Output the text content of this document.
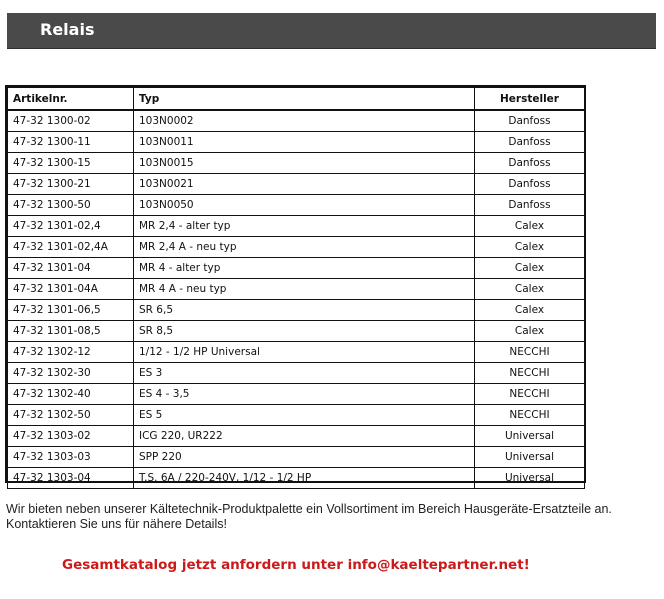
Relais
Artikelnr.	Typ	Hersteller
47-32 1300-02	103N0002	Danfoss
47-32 1300-11	103N0011	Danfoss
47-32 1300-15	103N0015	Danfoss
47-32 1300-21	103N0021	Danfoss
47-32 1300-50	103N0050	Danfoss
47-32 1301-02,4	MR 2,4 - alter typ	Calex
47-32 1301-02,4A	MR 2,4 A - neu typ	Calex
47-32 1301-04	MR 4 - alter typ	Calex
47-32 1301-04A	MR 4 A - neu typ	Calex
47-32 1301-06,5	SR 6,5	Calex
47-32 1301-08,5	SR 8,5	Calex
47-32 1302-12	1/12 - 1/2 HP Universal	NECCHI
47-32 1302-30	ES 3	NECCHI
47-32 1302-40	ES 4 - 3,5	NECCHI
47-32 1302-50	ES 5	NECCHI
47-32 1303-02	ICG 220, UR222	Universal
47-32 1303-03	SPP 220	Universal
47-32 1303-04	T.S. 6A / 220-240V, 1/12 - 1/2 HP	Universal

Wir bieten neben unserer Kältetechnik-Produktpalette ein Vollsortiment im Bereich Hausgeräte-Ersatzteile an.

Kontaktieren Sie uns für nähere Details!

Gesamtkatalog jetzt anfordern unter info@kaeltepartner.net!
